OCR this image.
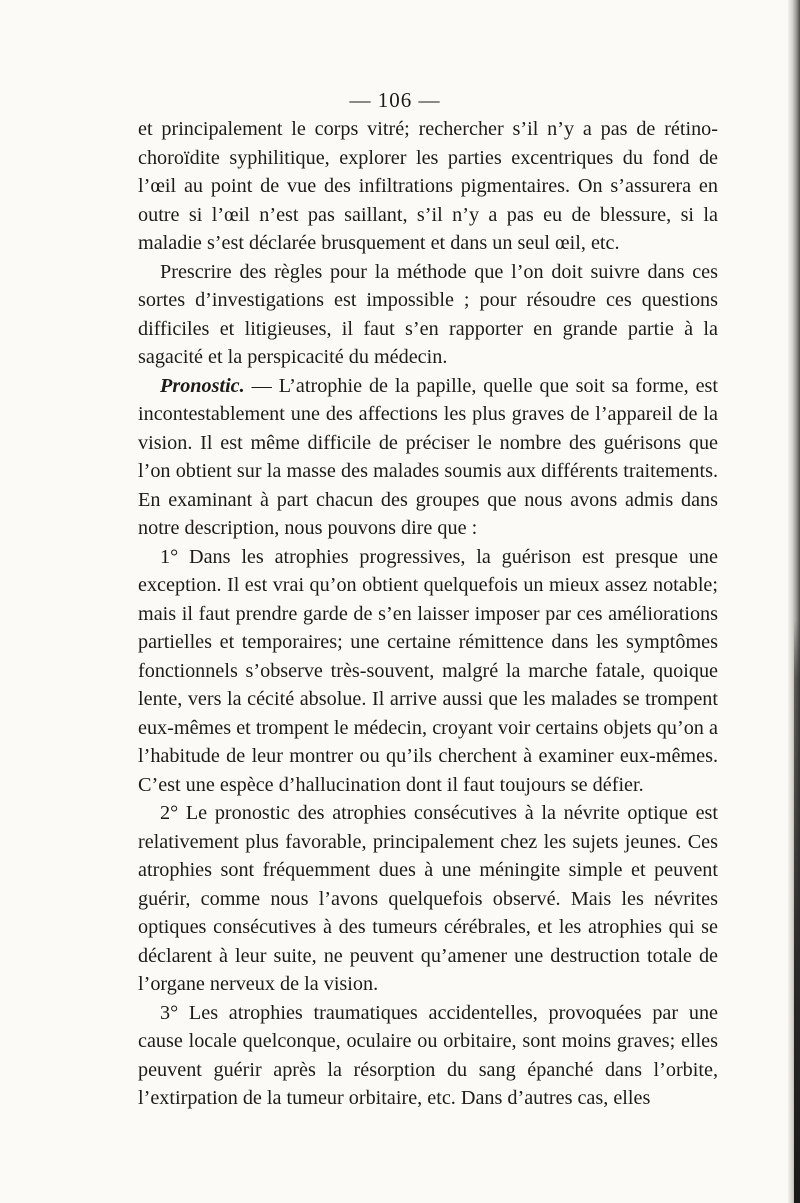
— 106 —

et principalement le corps vitré; rechercher s’il n’y a pas de rétino-choroïdite syphilitique, explorer les parties excentriques du fond de l’œil au point de vue des infiltrations pigmentaires. On s’assurera en outre si l’œil n’est pas saillant, s’il n’y a pas eu de blessure, si la maladie s’est déclarée brusquement et dans un seul œil, etc.

Prescrire des règles pour la méthode que l’on doit suivre dans ces sortes d’investigations est impossible ; pour résoudre ces questions difficiles et litigieuses, il faut s’en rapporter en grande partie à la sagacité et la perspicacité du médecin.

Pronostic. — L’atrophie de la papille, quelle que soit sa forme, est incontestablement une des affections les plus graves de l’appareil de la vision. Il est même difficile de préciser le nombre des guérisons que l’on obtient sur la masse des malades soumis aux différents traitements. En examinant à part chacun des groupes que nous avons admis dans notre description, nous pouvons dire que :

1° Dans les atrophies progressives, la guérison est presque une exception. Il est vrai qu’on obtient quelquefois un mieux assez notable; mais il faut prendre garde de s’en laisser imposer par ces améliorations partielles et temporaires; une certaine rémittence dans les symptômes fonctionnels s’observe très-souvent, malgré la marche fatale, quoique lente, vers la cécité absolue. Il arrive aussi que les malades se trompent eux-mêmes et trompent le médecin, croyant voir certains objets qu’on a l’habitude de leur montrer ou qu’ils cherchent à examiner eux-mêmes. C’est une espèce d’hallucination dont il faut toujours se défier.

2° Le pronostic des atrophies consécutives à la névrite optique est relativement plus favorable, principalement chez les sujets jeunes. Ces atrophies sont fréquemment dues à une méningite simple et peuvent guérir, comme nous l’avons quelquefois observé. Mais les névrites optiques consécutives à des tumeurs cérébrales, et les atrophies qui se déclarent à leur suite, ne peuvent qu’amener une destruction totale de l’organe nerveux de la vision.

3° Les atrophies traumatiques accidentelles, provoquées par une cause locale quelconque, oculaire ou orbitaire, sont moins graves; elles peuvent guérir après la résorption du sang épanché dans l’orbite, l’extirpation de la tumeur orbitaire, etc. Dans d’autres cas, elles
